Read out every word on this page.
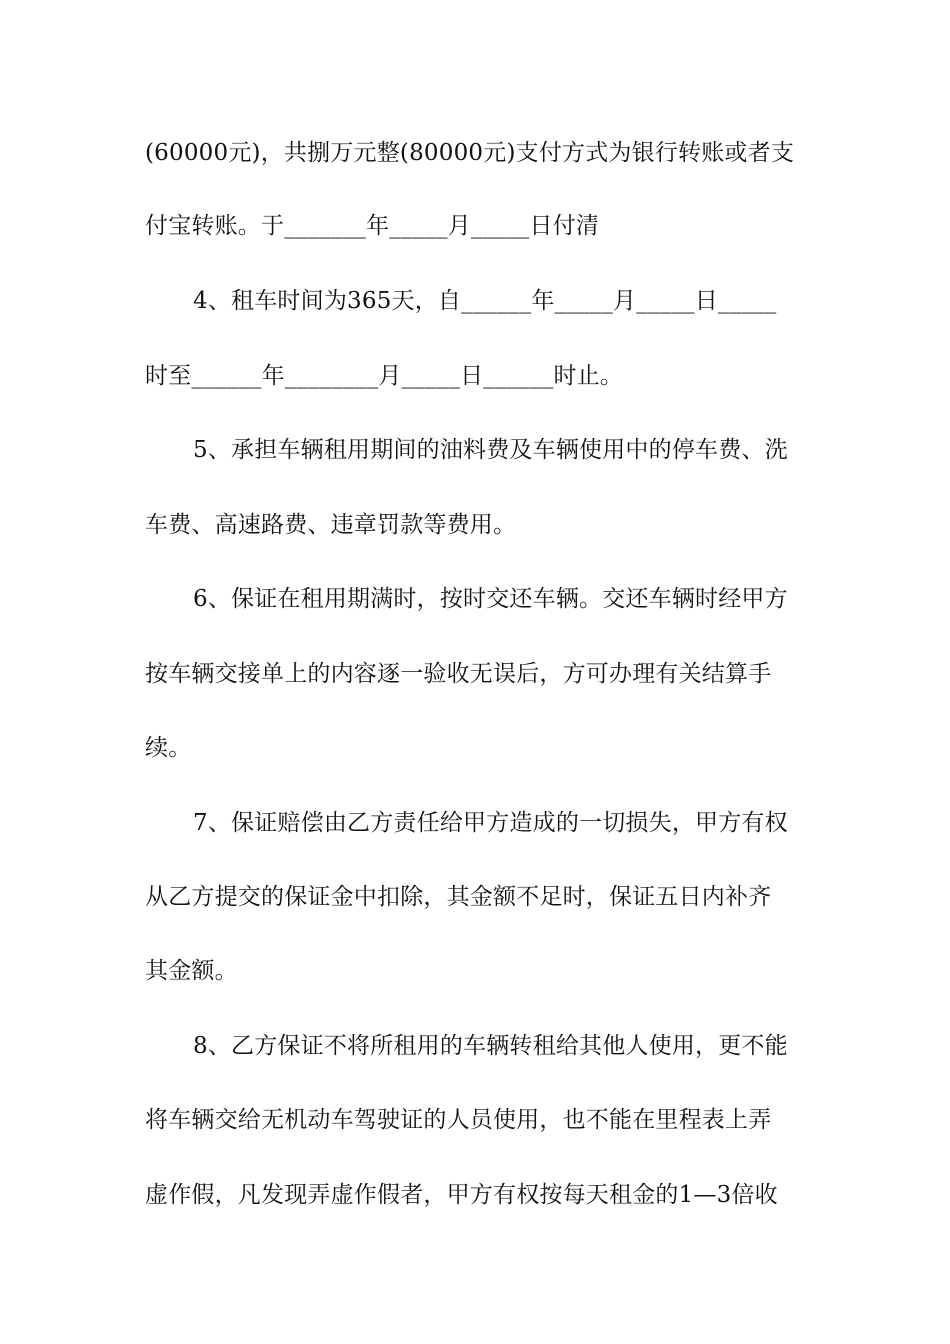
(60000元)，共捌万元整(80000元)支付方式为银行转账或者支
付宝转账。于_______年_____月_____日付清
4、租车时间为365天，自______年_____月_____日_____
时至______年________月_____日______时止。
5、承担车辆租用期间的油料费及车辆使用中的停车费、洗
车费、高速路费、违章罚款等费用。
6、保证在租用期满时，按时交还车辆。交还车辆时经甲方
按车辆交接单上的内容逐一验收无误后，方可办理有关结算手
续。
7、保证赔偿由乙方责任给甲方造成的一切损失，甲方有权
从乙方提交的保证金中扣除，其金额不足时，保证五日内补齐
其金额。
8、乙方保证不将所租用的车辆转租给其他人使用，更不能
将车辆交给无机动车驾驶证的人员使用，也不能在里程表上弄
虚作假，凡发现弄虚作假者，甲方有权按每天租金的1—3倍收
